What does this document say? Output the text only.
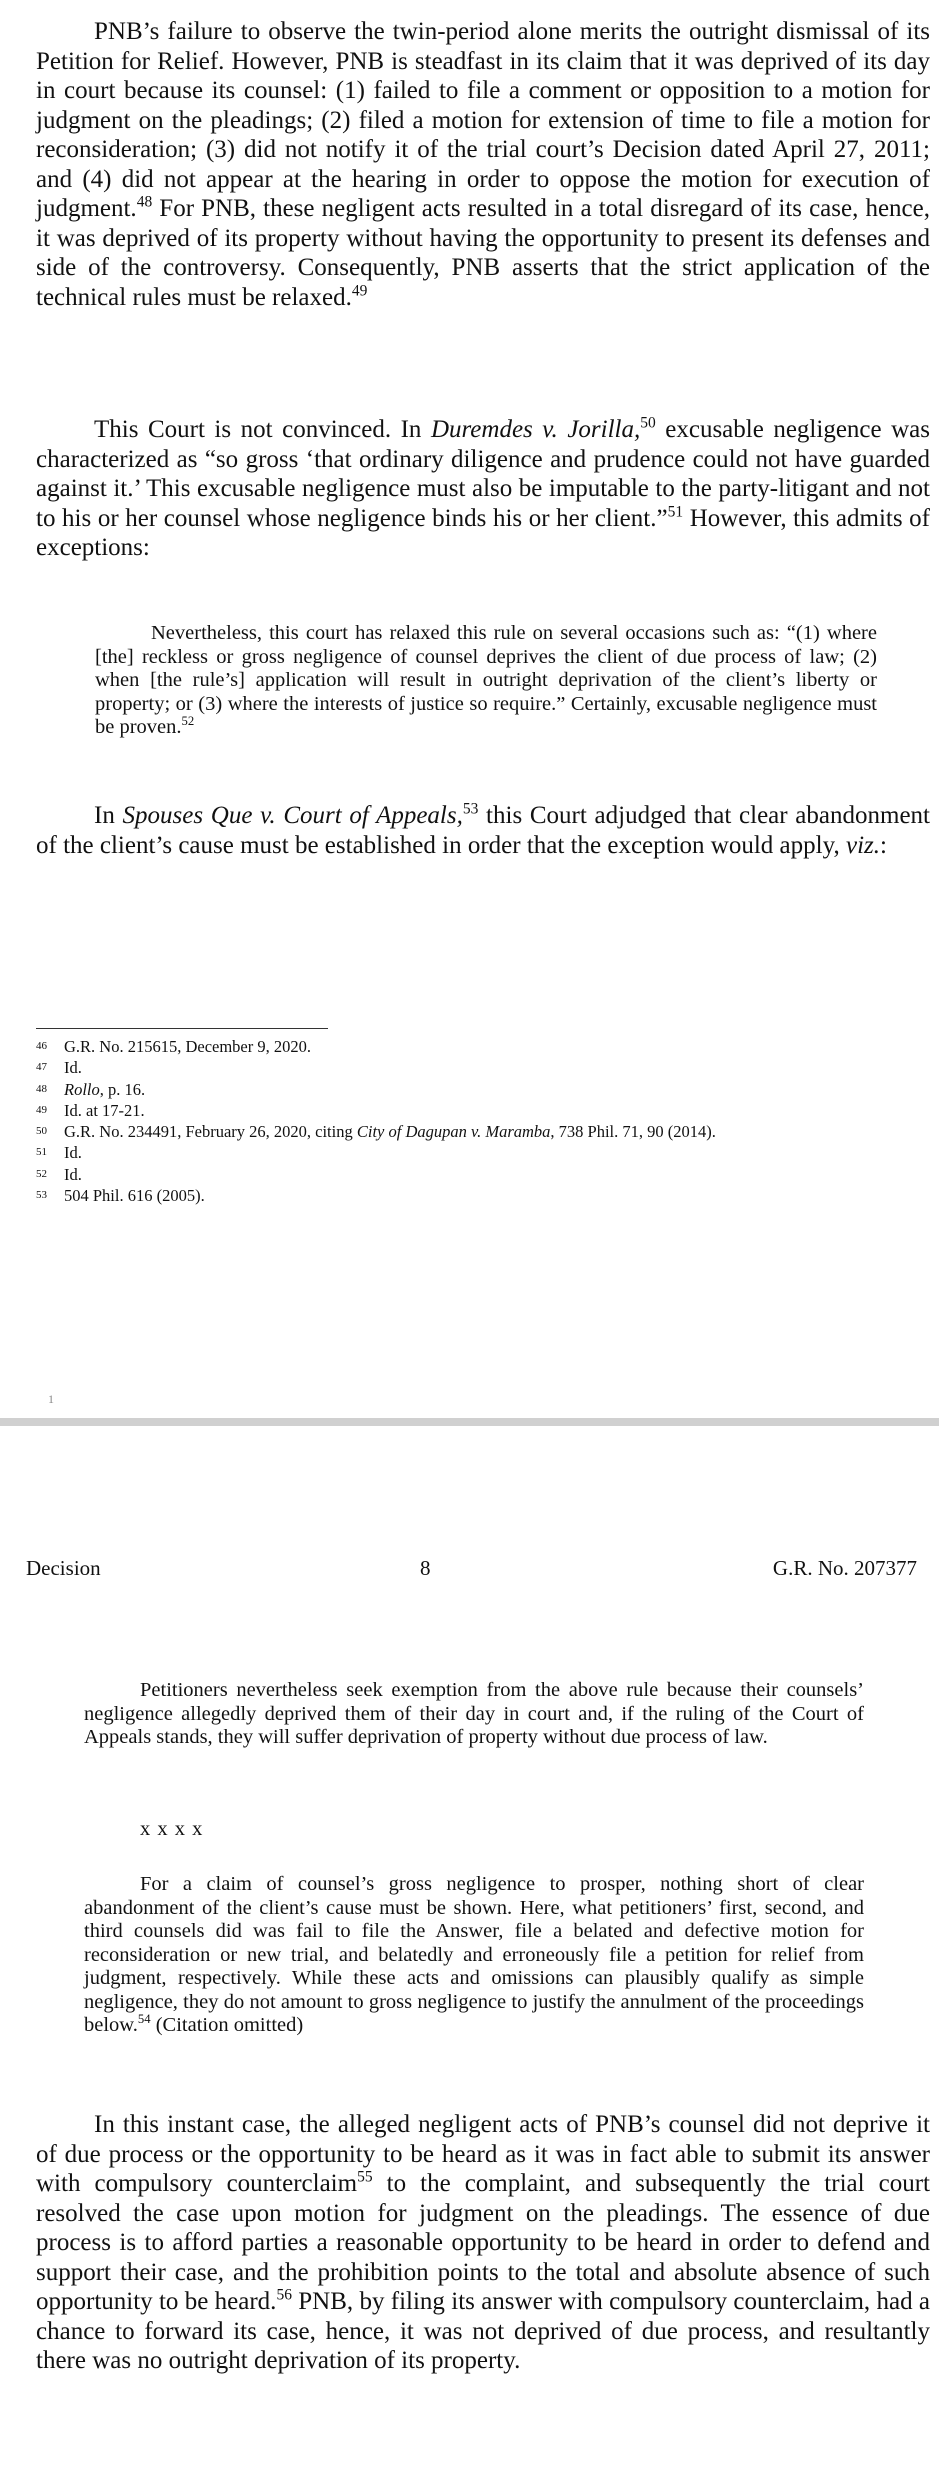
PNB’s failure to observe the twin-period alone merits the outright dismissal of its Petition for Relief. However, PNB is steadfast in its claim that it was deprived of its day in court because its counsel: (1) failed to file a comment or opposition to a motion for judgment on the pleadings; (2) filed a motion for extension of time to file a motion for reconsideration; (3) did not notify it of the trial court’s Decision dated April 27, 2011; and (4) did not appear at the hearing in order to oppose the motion for execution of judgment.$^{48}$ For PNB, these negligent acts resulted in a total disregard of its case, hence, it was deprived of its property without having the opportunity to present its defenses and side of the controversy. Consequently, PNB asserts that the strict application of the technical rules must be relaxed.$^{49}$

This Court is not convinced. In Duremdes v. Jorilla,$^{50}$ excusable negligence was characterized as “so gross ‘that ordinary diligence and prudence could not have guarded against it.’ This excusable negligence must also be imputable to the party-litigant and not to his or her counsel whose negligence binds his or her client.”$^{51}$ However, this admits of exceptions:

Nevertheless, this court has relaxed this rule on several occasions such as: “(1) where [the] reckless or gross negligence of counsel deprives the client of due process of law; (2) when [the rule’s] application will result in outright deprivation of the client’s liberty or property; or (3) where the interests of justice so require.” Certainly, excusable negligence must be proven.$^{52}$

In Spouses Que v. Court of Appeals,$^{53}$ this Court adjudged that clear abandonment of the client’s cause must be established in order that the exception would apply, viz.:

46 G.R. No. 215615, December 9, 2020.
47 Id.
48 Rollo, p. 16.
49 Id. at 17-21.
50 G.R. No. 234491, February 26, 2020, citing City of Dagupan v. Maramba, 738 Phil. 71, 90 (2014).
51 Id.
52 Id.
53 504 Phil. 616 (2005).
1
Decision	8	G.R. No. 207377

Petitioners nevertheless seek exemption from the above rule because their counsels’ negligence allegedly deprived them of their day in court and, if the ruling of the Court of Appeals stands, they will suffer deprivation of property without due process of law.

x x x x

For a claim of counsel’s gross negligence to prosper, nothing short of clear abandonment of the client’s cause must be shown. Here, what petitioners’ first, second, and third counsels did was fail to file the Answer, file a belated and defective motion for reconsideration or new trial, and belatedly and erroneously file a petition for relief from judgment, respectively. While these acts and omissions can plausibly qualify as simple negligence, they do not amount to gross negligence to justify the annulment of the proceedings below.$^{54}$ (Citation omitted)

In this instant case, the alleged negligent acts of PNB’s counsel did not deprive it of due process or the opportunity to be heard as it was in fact able to submit its answer with compulsory counterclaim$^{55}$ to the complaint, and subsequently the trial court resolved the case upon motion for judgment on the pleadings. The essence of due process is to afford parties a reasonable opportunity to be heard in order to defend and support their case, and the prohibition points to the total and absolute absence of such opportunity to be heard.$^{56}$ PNB, by filing its answer with compulsory counterclaim, had a chance to forward its case, hence, it was not deprived of due process, and resultantly there was no outright deprivation of its property.
